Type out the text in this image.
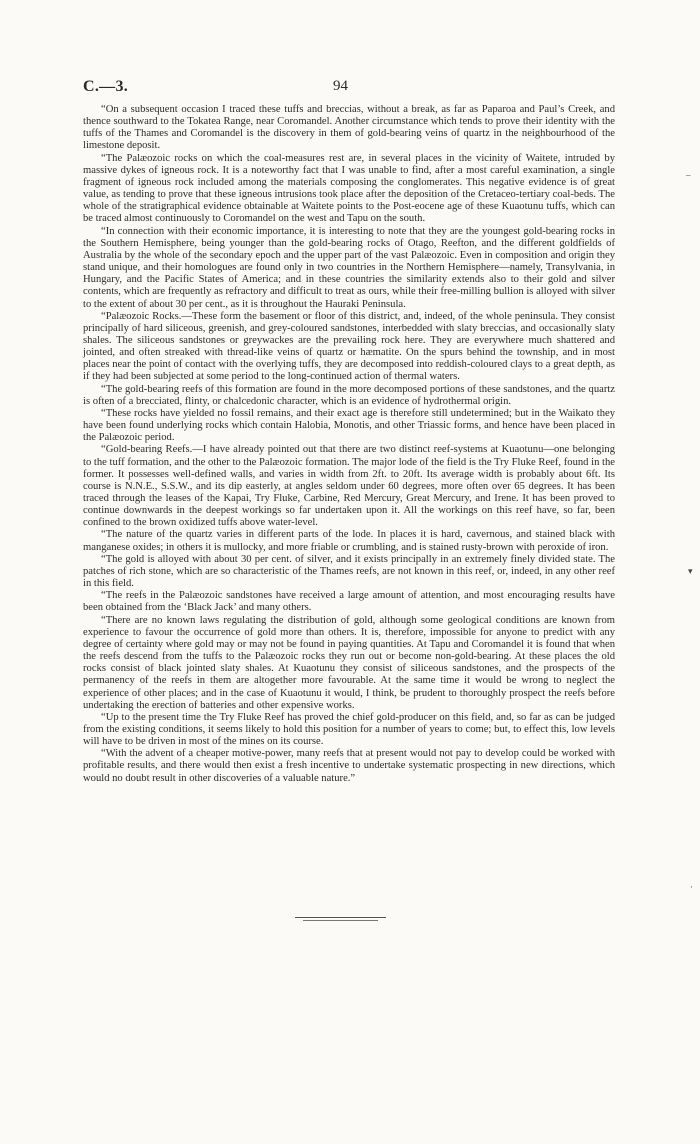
C.—3.	94

“On a subsequent occasion I traced these tuffs and breccias, without a break, as far as Paparoa and Paul’s Creek, and thence southward to the Tokatea Range, near Coromandel. Another circumstance which tends to prove their identity with the tuffs of the Thames and Coromandel is the discovery in them of gold-bearing veins of quartz in the neighbourhood of the limestone deposit.

“The Palæozoic rocks on which the coal-measures rest are, in several places in the vicinity of Waitete, intruded by massive dykes of igneous rock. It is a noteworthy fact that I was unable to find, after a most careful examination, a single fragment of igneous rock included among the materials composing the conglomerates. This negative evidence is of great value, as tending to prove that these igneous intrusions took place after the deposition of the Cretaceo-tertiary coal-beds. The whole of the stratigraphical evidence obtainable at Waitete points to the Post-eocene age of these Kuaotunu tuffs, which can be traced almost continuously to Coromandel on the west and Tapu on the south.

“In connection with their economic importance, it is interesting to note that they are the youngest gold-bearing rocks in the Southern Hemisphere, being younger than the gold-bearing rocks of Otago, Reefton, and the different goldfields of Australia by the whole of the secondary epoch and the upper part of the vast Palæozoic. Even in composition and origin they stand unique, and their homologues are found only in two countries in the Northern Hemisphere—namely, Transylvania, in Hungary, and the Pacific States of America; and in these countries the similarity extends also to their gold and silver contents, which are frequently as refractory and difficult to treat as ours, while their free-milling bullion is alloyed with silver to the extent of about 30 per cent., as it is throughout the Hauraki Peninsula.

“Palæozoic Rocks.—These form the basement or floor of this district, and, indeed, of the whole peninsula. They consist principally of hard siliceous, greenish, and grey-coloured sandstones, interbedded with slaty breccias, and occasionally slaty shales. The siliceous sandstones or greywackes are the prevailing rock here. They are everywhere much shattered and jointed, and often streaked with thread-like veins of quartz or hæmatite. On the spurs behind the township, and in most places near the point of contact with the overlying tuffs, they are decomposed into reddish-coloured clays to a great depth, as if they had been subjected at some period to the long-continued action of thermal waters.

“The gold-bearing reefs of this formation are found in the more decomposed portions of these sandstones, and the quartz is often of a brecciated, flinty, or chalcedonic character, which is an evidence of hydrothermal origin.

“These rocks have yielded no fossil remains, and their exact age is therefore still undetermined; but in the Waikato they have been found underlying rocks which contain Halobia, Monotis, and other Triassic forms, and hence have been placed in the Palæozoic period.

“Gold-bearing Reefs.—I have already pointed out that there are two distinct reef-systems at Kuaotunu—one belonging to the tuff formation, and the other to the Palæozoic formation. The major lode of the field is the Try Fluke Reef, found in the former. It possesses well-defined walls, and varies in width from 2ft. to 20ft. Its average width is probably about 6ft. Its course is N.N.E., S.S.W., and its dip easterly, at angles seldom under 60 degrees, more often over 65 degrees. It has been traced through the leases of the Kapai, Try Fluke, Carbine, Red Mercury, Great Mercury, and Irene. It has been proved to continue downwards in the deepest workings so far undertaken upon it. All the workings on this reef have, so far, been confined to the brown oxidized tuffs above water-level.

“The nature of the quartz varies in different parts of the lode. In places it is hard, cavernous, and stained black with manganese oxides; in others it is mullocky, and more friable or crumbling, and is stained rusty-brown with peroxide of iron.

“The gold is alloyed with about 30 per cent. of silver, and it exists principally in an extremely finely divided state. The patches of rich stone, which are so characteristic of the Thames reefs, are not known in this reef, or, indeed, in any other reef in this field.

“The reefs in the Palæozoic sandstones have received a large amount of attention, and most encouraging results have been obtained from the ‘Black Jack’ and many others.

“There are no known laws regulating the distribution of gold, although some geological conditions are known from experience to favour the occurrence of gold more than others. It is, therefore, impossible for anyone to predict with any degree of certainty where gold may or may not be found in paying quantities. At Tapu and Coromandel it is found that when the reefs descend from the tuffs to the Palæozoic rocks they run out or become non-gold-bearing. At these places the old rocks consist of black jointed slaty shales. At Kuaotunu they consist of siliceous sandstones, and the prospects of the permanency of the reefs in them are altogether more favourable. At the same time it would be wrong to neglect the experience of other places; and in the case of Kuaotunu it would, I think, be prudent to thoroughly prospect the reefs before undertaking the erection of batteries and other expensive works.

“Up to the present time the Try Fluke Reef has proved the chief gold-producer on this field, and, so far as can be judged from the existing conditions, it seems likely to hold this position for a number of years to come; but, to effect this, low levels will have to be driven in most of the mines on its course.

“With the advent of a cheaper motive-power, many reefs that at present would not pay to develop could be worked with profitable results, and there would then exist a fresh incentive to undertake systematic prospecting in new directions, which would no doubt result in other discoveries of a valuable nature.”

–
▾
·
